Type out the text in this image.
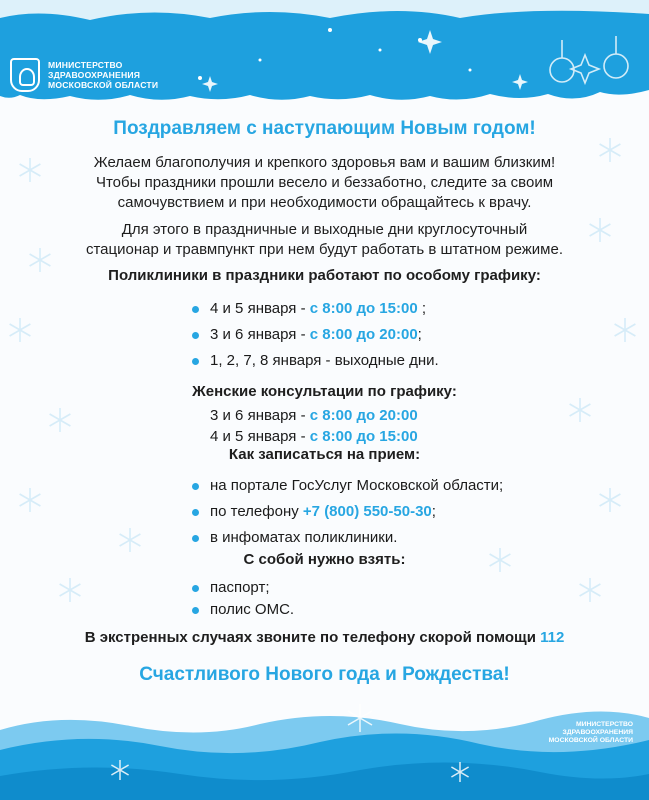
МИНИСТЕРСТВО
ЗДРАВООХРАНЕНИЯ
МОСКОВСКОЙ ОБЛАСТИ
Поздравляем с наступающим Новым годом!
Желаем благополучия и крепкого здоровья вам и вашим близким!
Чтобы праздники прошли весело и беззаботно, следите за своим
самочувствием и при необходимости обращайтесь к врачу.
Для этого в праздничные и выходные дни круглосуточный
стационар и травмпункт при нем будут работать в штатном режиме.
Поликлиники в праздники работают по особому графику:
4 и 5 января - с 8:00 до 15:00 ;
3 и 6 января - с 8:00 до 20:00;
1, 2, 7, 8 января - выходные дни.
Женские консультации по графику:
3 и 6 января - с 8:00 до 20:00
4 и 5 января - с 8:00 до 15:00
Как записаться на прием:
на портале ГосУслуг Московской области;
по телефону +7 (800) 550-50-30;
в инфоматах поликлиники.
С собой нужно взять:
паспорт;
полис ОМС.
В экстренных случаях звоните по телефону скорой помощи 112
Счастливого Нового года и Рождества!
МИНИСТЕРСТВО
ЗДРАВООХРАНЕНИЯ
МОСКОВСКОЙ ОБЛАСТИ
